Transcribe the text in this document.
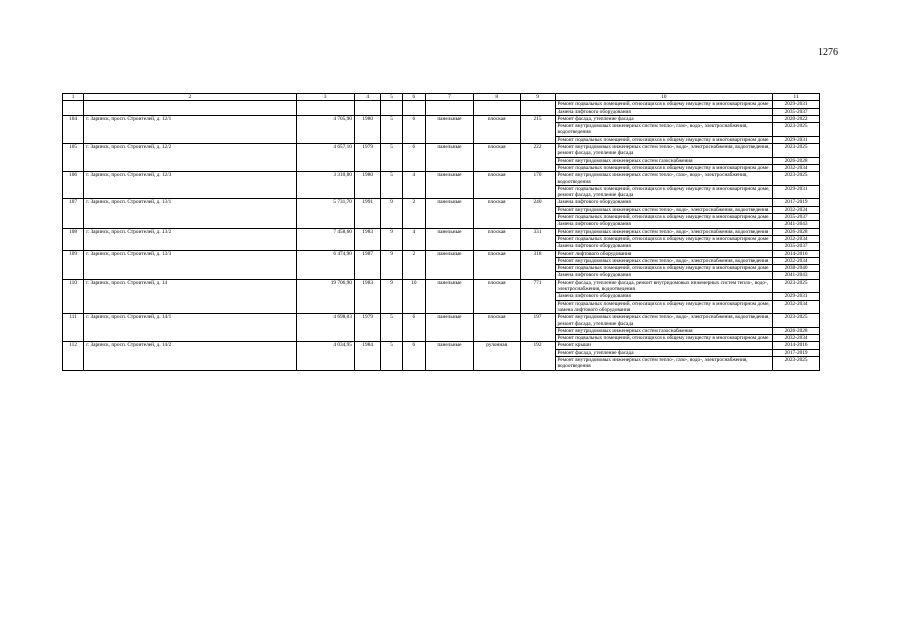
1276
1	2	3	4	5	6	7	8	9	10	11
									Ремонт подвальных помещений, относящихся к общему имуществу в многоквартирном доме	2029-2031
									Замена лифтового оборудования	2035-2037
104	г. Заринск, просп. Строителей, д. 12/1	4 705,90	1980	5	6	панельные	плоская	215	Ремонт фасада, утепление фасада	2020-2022
									Ремонт внутридомовых инженерных систем тепло-, газо-, водо-, электроснабжения, водоотведения	2023-2025
									Ремонт подвальных помещений, относящихся к общему имуществу в многоквартирном доме	2029-2031
105	г. Заринск, просп. Строителей, д. 12/2	4 657,10	1979	5	6	панельные	плоская	222	Ремонт внутридомовых инженерных систем тепло-, водо-, электроснабжения, водоотведения, ремонт фасада, утепление фасада	2023-2025
									Ремонт внутридомовых инженерных систем газоснабжения	2026-2028
									Ремонт подвальных помещений, относящихся к общему имуществу в многоквартирном доме	2032-2034
106	г. Заринск, просп. Строителей, д. 12/3	3 310,80	1980	5	4	панельные	плоская	170	Ремонт внутридомовых инженерных систем тепло-, газо-, водо-, электроснабжения, водоотведения	2023-2025
									Ремонт подвальных помещений, относящихся к общему имуществу в многоквартирном доме, ремонт фасада, утепление фасада	2029-2031
107	г. Заринск, просп. Строителей, д. 13/1	5 731,70	1991	9	2	панельные	плоская	240	Замена лифтового оборудования	2017-2019
									Ремонт внутридомовых инженерных систем тепло-, водо-, электроснабжения, водоотведения	2032-2034
									Ремонт подвальных помещений, относящихся к общему имуществу в многоквартирном доме	2035-2037
									Замена лифтового оборудования	2041-2043
108	г. Заринск, просп. Строителей, д. 13/2	7 458,60	1983	9	4	панельные	плоская	331	Ремонт внутридомовых инженерных систем тепло-, водо-, электроснабжения, водоотведения	2026-2028
									Ремонт подвальных помещений, относящихся к общему имуществу в многоквартирном доме	2032-2034
									Замена лифтового оборудования	2035-2037
109	г. Заринск, просп. Строителей, д. 13/3	6 474,90	1987	9	2	панельные	плоская	318	Ремонт лифтового оборудования	2014-2016
									Ремонт внутридомовых инженерных систем тепло-, водо-, электроснабжения, водоотведения	2032-2034
									Ремонт подвальных помещений, относящихся к общему имуществу в многоквартирном доме	2038-2040
									Замена лифтового оборудования	2041-2043
110	г. Заринск, просп. Строителей, д. 14	19 706,90	1983	9	10	панельные	плоская	771	Ремонт фасада, утепление фасада, ремонт внутридомовых инженерных систем тепло-, водо-, электроснабжения, водоотведения	2023-2025
									Замена лифтового оборудования	2029-2031
									Ремонт подвальных помещений, относящихся к общему имуществу в многоквартирном доме, замена лифтового оборудования	2032-2034
111	г. Заринск, просп. Строителей, д. 14/1	4 698,03	1979	5	6	панельные	плоская	197	Ремонт внутридомовых инженерных систем тепло-, водо-, электроснабжения, водоотведения, ремонт фасада, утепление фасада	2023-2025
									Ремонт внутридомовых инженерных систем газоснабжения	2026-2028
									Ремонт подвальных помещений, относящихся к общему имуществу в многоквартирном доме	2032-2034
112	г. Заринск, просп. Строителей, д. 14/2	4 034,95	1984	5	6	панельные	рулонная	192	Ремонт крыши	2014-2016
									Ремонт фасада, утепление фасада	2017-2019
									Ремонт внутридомовых инженерных систем тепло-, газо-, водо-, электроснабжения, водоотведения	2023-2025
